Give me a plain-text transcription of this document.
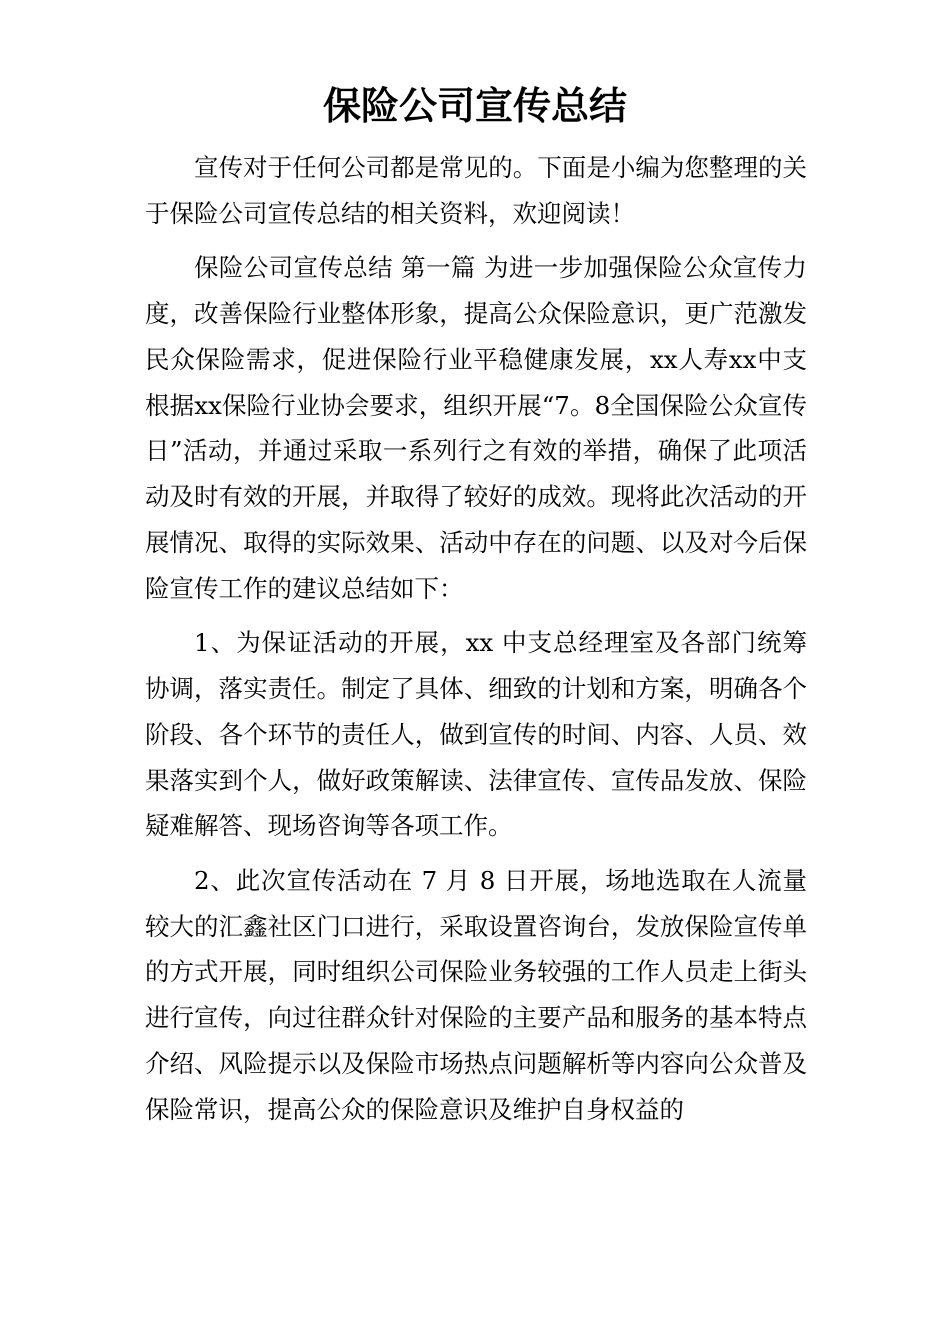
保险公司宣传总结

宣传对于任何公司都是常见的。下面是小编为您整理的关于保险公司宣传总结的相关资料，欢迎阅读！

保险公司宣传总结 第一篇 为进一步加强保险公众宣传力度，改善保险行业整体形象，提高公众保险意识，更广范激发民众保险需求，促进保险行业平稳健康发展，xx人寿xx中支根据xx保险行业协会要求，组织开展“7。8全国保险公众宣传日”活动，并通过采取一系列行之有效的举措，确保了此项活动及时有效的开展，并取得了较好的成效。现将此次活动的开展情况、取得的实际效果、活动中存在的问题、以及对今后保险宣传工作的建议总结如下：

1、为保证活动的开展，xx 中支总经理室及各部门统筹协调，落实责任。制定了具体、细致的计划和方案，明确各个阶段、各个环节的责任人，做到宣传的时间、内容、人员、效果落实到个人，做好政策解读、法律宣传、宣传品发放、保险疑难解答、现场咨询等各项工作。

2、此次宣传活动在 7 月 8 日开展，场地选取在人流量较大的汇鑫社区门口进行，采取设置咨询台，发放保险宣传单的方式开展，同时组织公司保险业务较强的工作人员走上街头进行宣传，向过往群众针对保险的主要产品和服务的基本特点介绍、风险提示以及保险市场热点问题解析等内容向公众普及保险常识，提高公众的保险意识及维护自身权益的
